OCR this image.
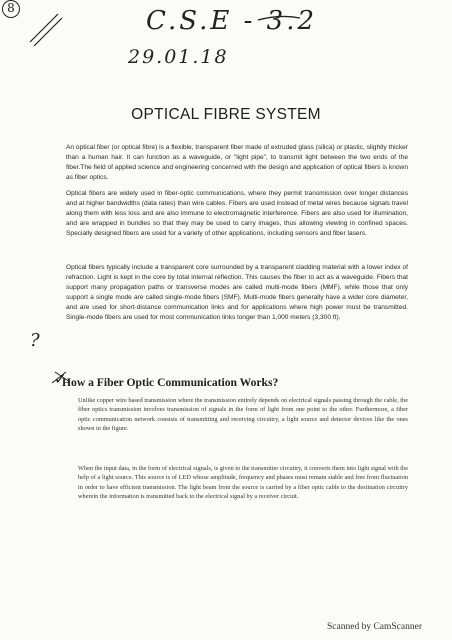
8	C.S.E - 3.2
29.01.18
?
OPTICAL FIBRE SYSTEM
An optical fiber (or optical fibre) is a flexible, transparent fiber made of extruded glass (silica) or plastic, slightly thicker than a human hair. It can function as a waveguide, or "light pipe", to transmit light between the two ends of the fiber.The field of applied science and engineering concerned with the design and application of optical fibers is known as fiber optics.
Optical fibers are widely used in fiber-optic communications, where they permit transmission over longer distances and at higher bandwidths (data rates) than wire cables. Fibers are used instead of metal wires because signals travel along them with less loss and are also immune to electromagnetic interference. Fibers are also used for illumination, and are wrapped in bundles so that they may be used to carry images, thus allowing viewing in confined spaces. Specially designed fibers are used for a variety of other applications, including sensors and fiber lasers.
Optical fibers typically include a transparent core surrounded by a transparent cladding material with a lower index of refraction. Light is kept in the core by total internal reflection. This causes the fiber to act as a waveguide. Fibers that support many propagation paths or transverse modes are called multi-mode fibers (MMF), while those that only support a single mode are called single-mode fibers (SMF). Multi-mode fibers generally have a wider core diameter, and are used for short-distance communication links and for applications where high power must be transmitted. Single-mode fibers are used for most communication links longer than 1,000 meters (3,300 ft).
✓
How a Fiber Optic Communication Works?
Unlike copper wire based transmission where the transmission entirely depends on electrical signals passing through the cable, the fiber optics transmission involves transmission of signals in the form of light from one point to the other. Furthermore, a fiber optic communication network consists of transmitting and receiving circuitry, a light source and detector devices like the ones shown in the figure.
When the input data, in the form of electrical signals, is given to the transmitter circuitry, it converts them into light signal with the help of a light source. This source is of LED whose amplitude, frequency and phases must remain stable and free from fluctuation in order to have efficient transmission. The light beam from the source is carried by a fiber optic cable to the destination circuitry wherein the information is transmitted back to the electrical signal by a receiver circuit.
Scanned by CamScanner
